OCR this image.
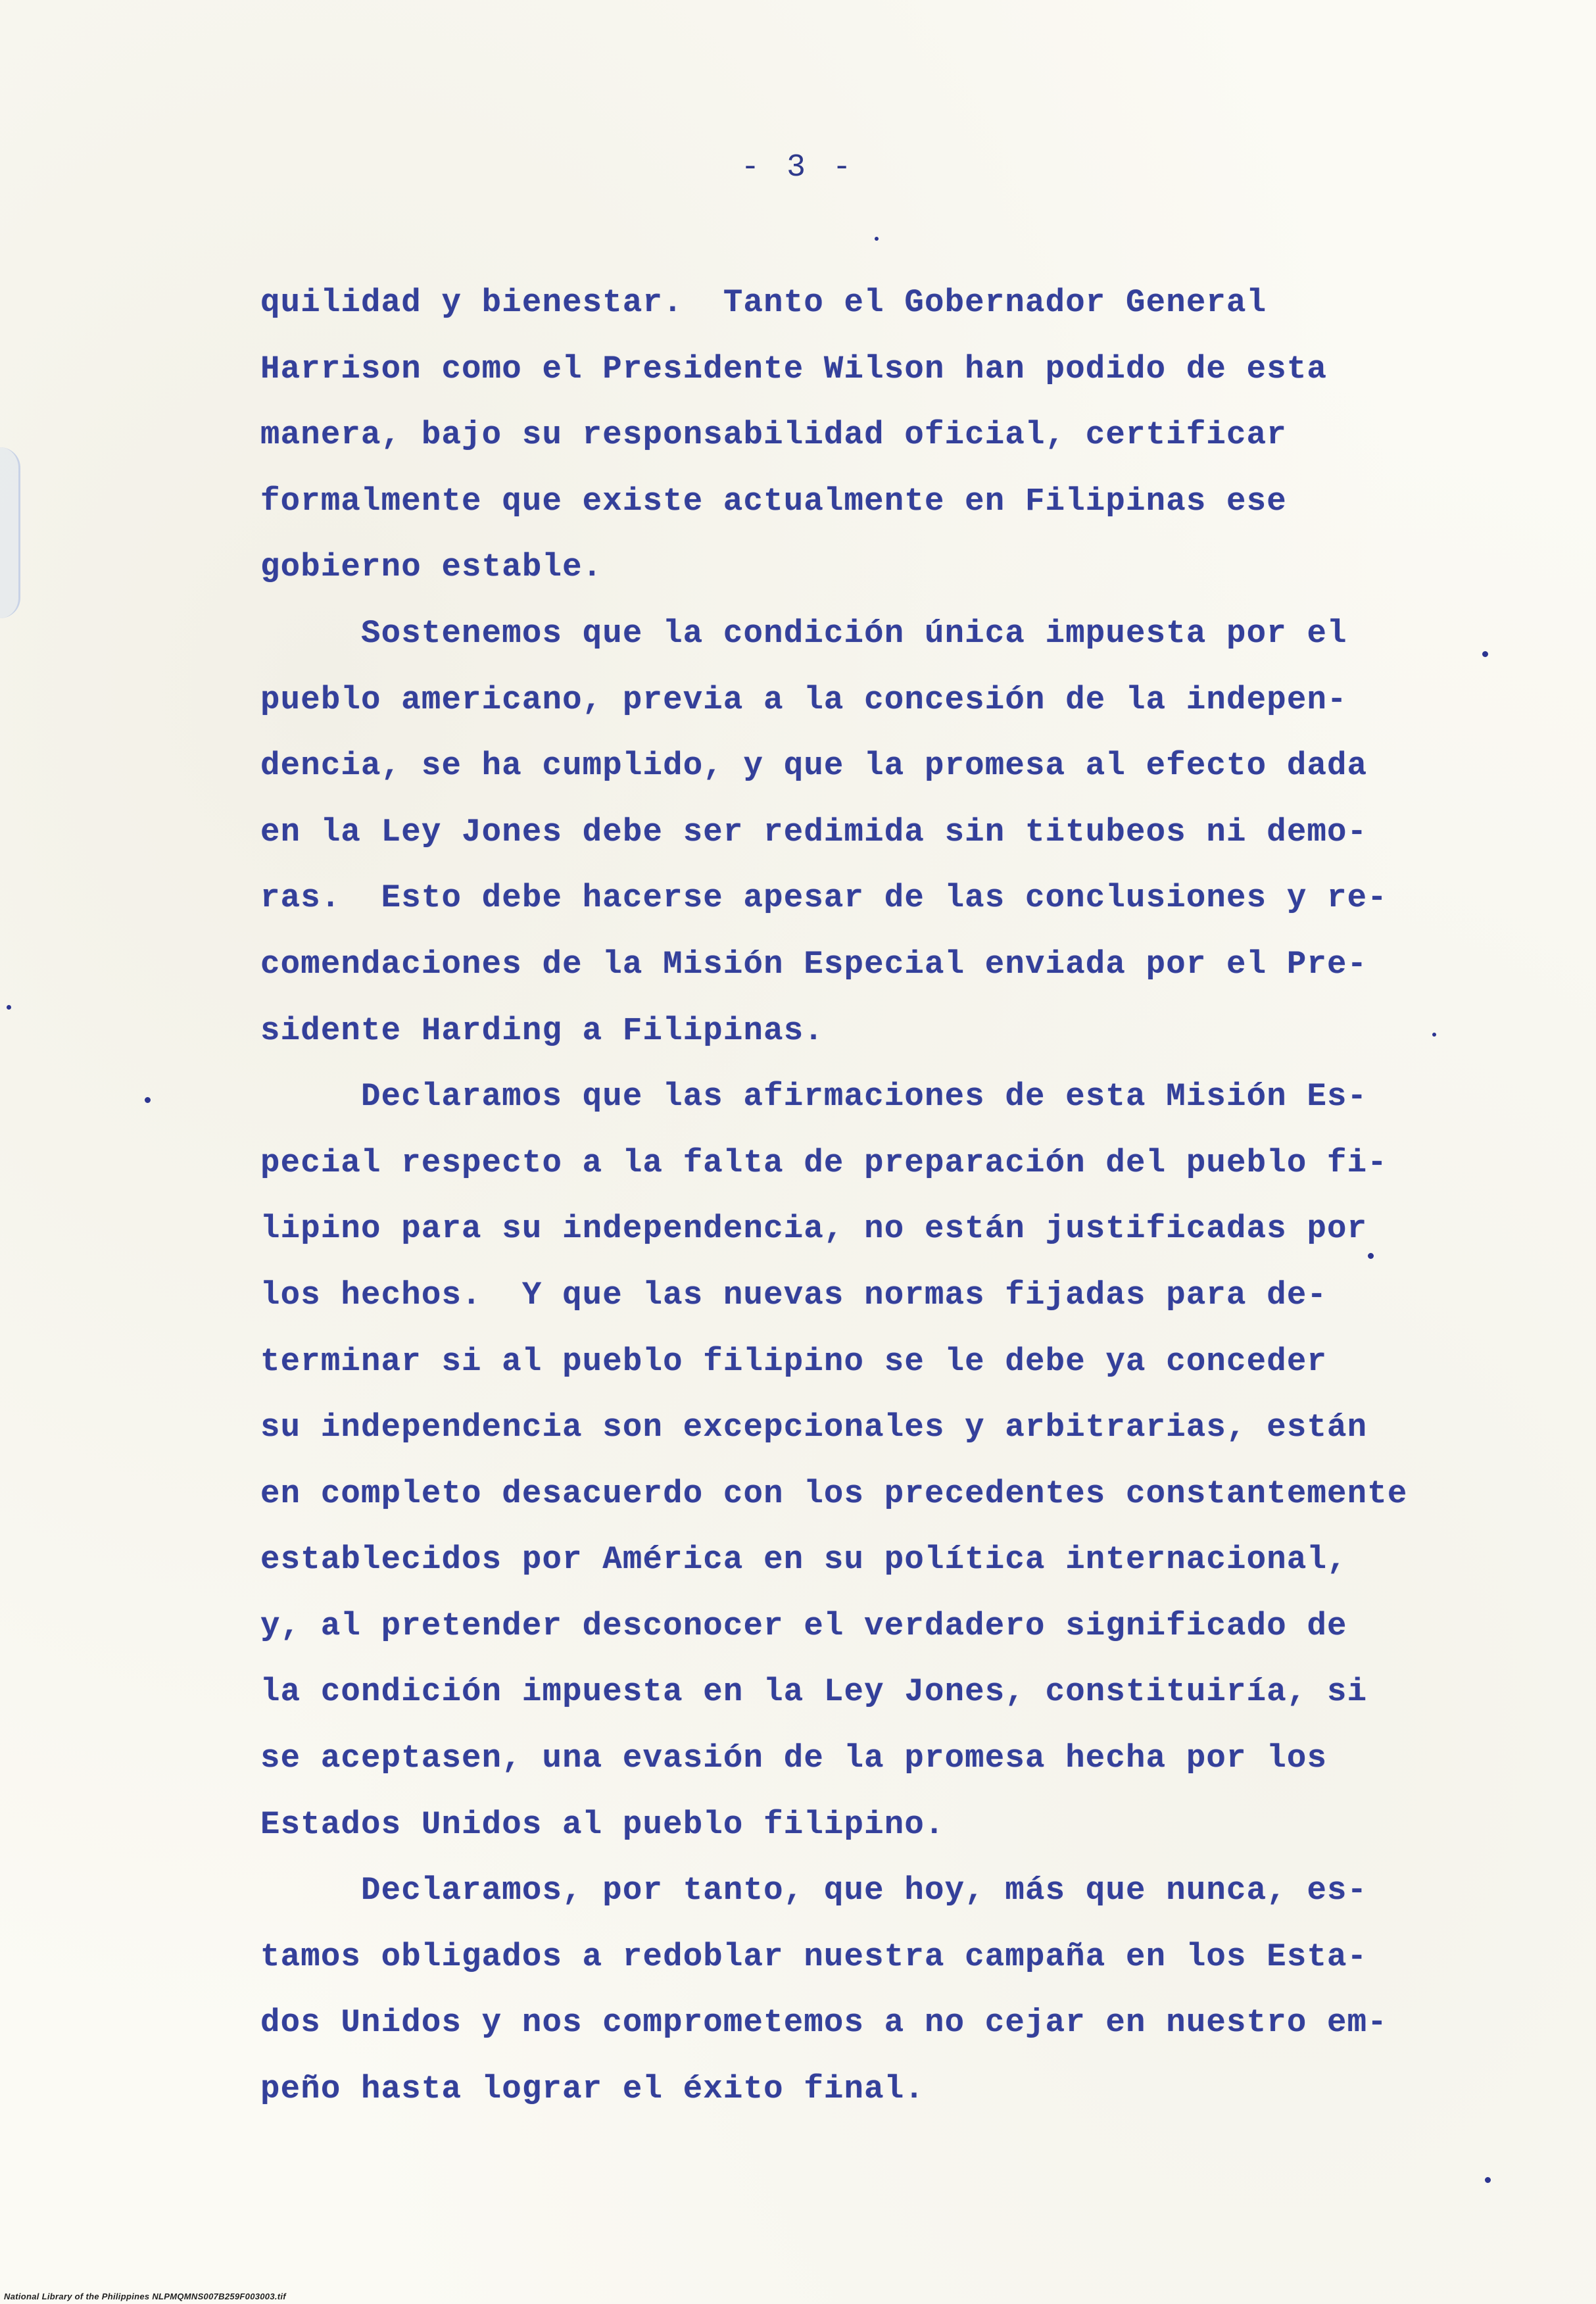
- 3 -
quilidad y bienestar.  Tanto el Gobernador General
Harrison como el Presidente Wilson han podido de esta
manera, bajo su responsabilidad oficial, certificar
formalmente que existe actualmente en Filipinas ese
gobierno estable.
Sostenemos que la condición única impuesta por el
pueblo americano, previa a la concesión de la indepen-
dencia, se ha cumplido, y que la promesa al efecto dada
en la Ley Jones debe ser redimida sin titubeos ni demo-
ras.  Esto debe hacerse apesar de las conclusiones y re-
comendaciones de la Misión Especial enviada por el Pre-
sidente Harding a Filipinas.
Declaramos que las afirmaciones de esta Misión Es-
pecial respecto a la falta de preparación del pueblo fi-
lipino para su independencia, no están justificadas por
los hechos.  Y que las nuevas normas fijadas para de-
terminar si al pueblo filipino se le debe ya conceder
su independencia son excepcionales y arbitrarias, están
en completo desacuerdo con los precedentes constantemente
establecidos por América en su política internacional,
y, al pretender desconocer el verdadero significado de
la condición impuesta en la Ley Jones, constituiría, si
se aceptasen, una evasión de la promesa hecha por los
Estados Unidos al pueblo filipino.
Declaramos, por tanto, que hoy, más que nunca, es-
tamos obligados a redoblar nuestra campaña en los Esta-
dos Unidos y nos comprometemos a no cejar en nuestro em-
peño hasta lograr el éxito final.
National Library of the Philippines NLPMQMNS007B259F003003.tif
